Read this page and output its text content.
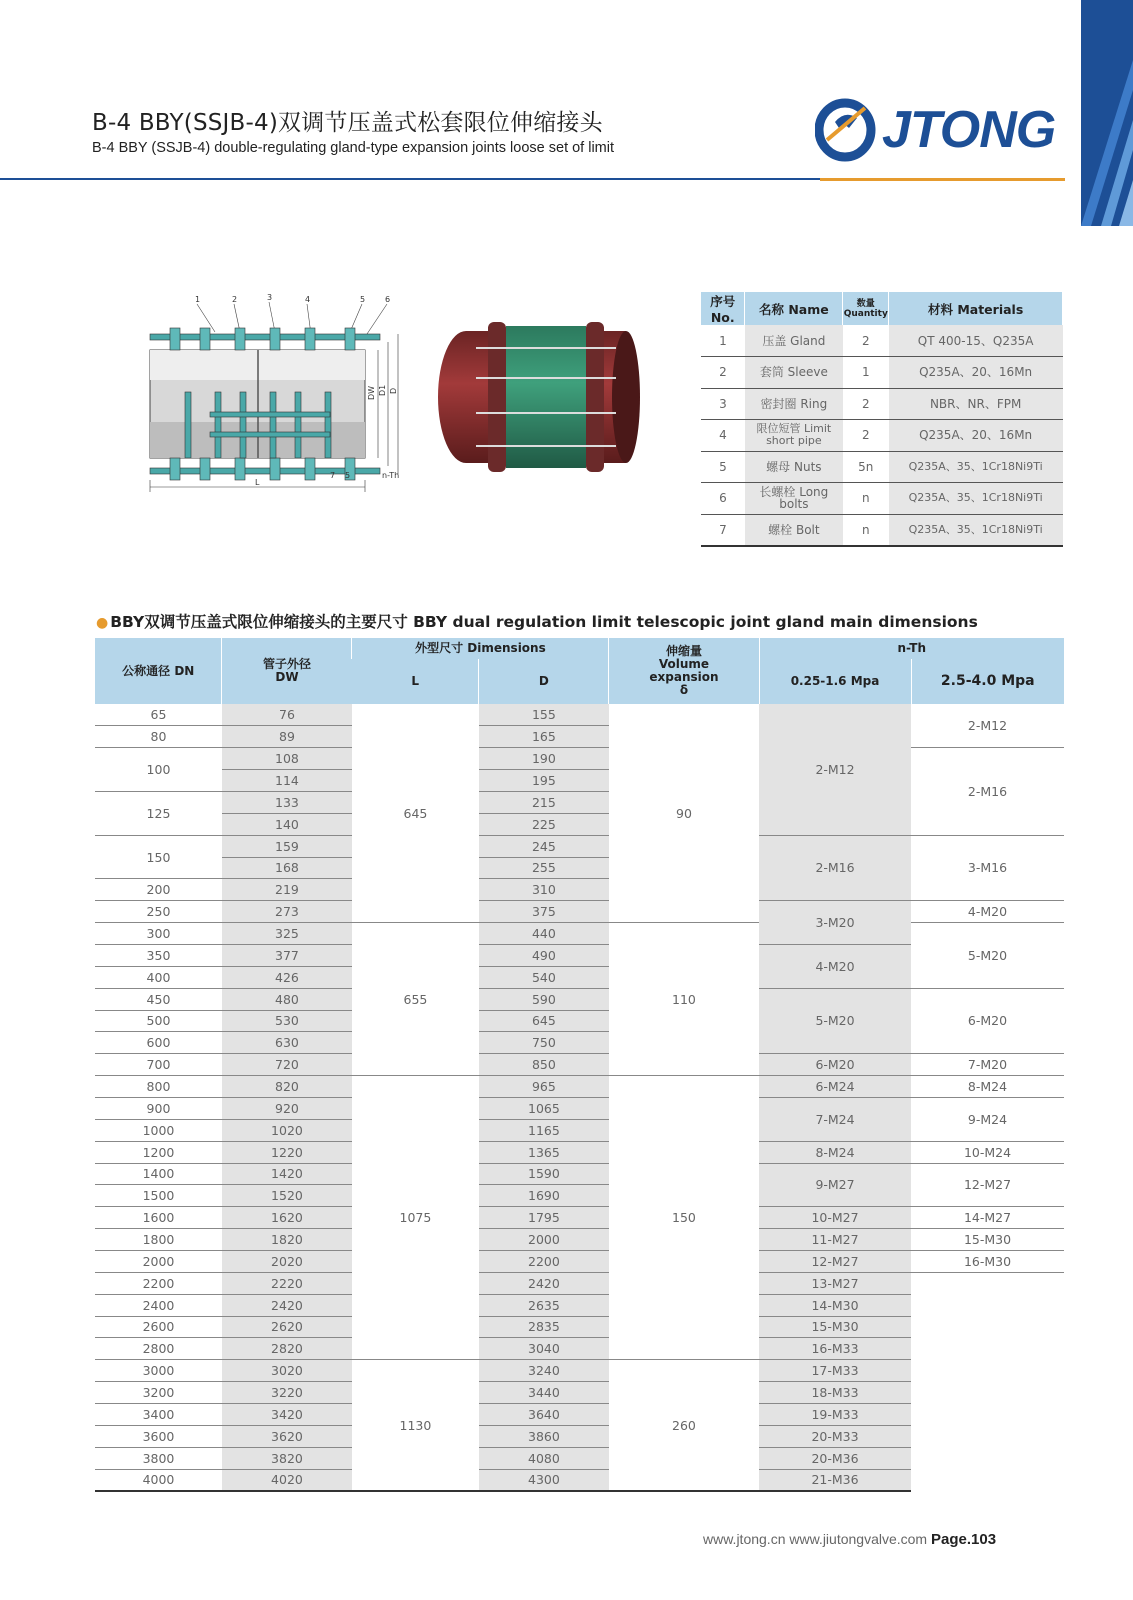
B-4 BBY(SSJB-4)双调节压盖式松套限位伸缩接头
B-4 BBY (SSJB-4) double-regulating gland-type expansion joints loose set of limit	JTONG
1	2	3	4	5 6
DW D1 D
L
7 5	n-Th
序号No.	名称 Name	数量 Quantity	材料 Materials
1	压盖 Gland	2	QT 400-15、Q235A
2	套筒 Sleeve	1	Q235A、20、16Mn
3	密封圈 Ring	2	NBR、NR、FPM
4	限位短管 Limit short pipe	2	Q235A、20、16Mn
5	螺母 Nuts	5n	Q235A、35、1Cr18Ni9Ti
6	长螺栓 Long bolts	n	Q235A、35、1Cr18Ni9Ti
7	螺栓 Bolt	n	Q235A、35、1Cr18Ni9Ti
● BBY双调节压盖式限位伸缩接头的主要尺寸 BBY dual regulation limit telescopic joint gland main dimensions
公称通径 DN	管子外径 DW	外型尺寸 Dimensions		伸缩量 Volume expansion δ	n-Th	
		L	D		0.25-1.6 Mpa	2.5-4.0 Mpa
65	76	645	155	90	2-M12	2-M12
80	89		165			
100	108		190			2-M16
	114		195			
125	133		215			
	140		225			
150	159		245		2-M16	3-M16
	168		255			
200	219		310			
250	273		375		3-M20	4-M20
300	325	655	440	110		5-M20
350	377		490		4-M20	
400	426		540			
450	480		590		5-M20	6-M20
500	530		645			
600	630		750			
700	720		850		6-M20	7-M20
800	820	1075	965	150	6-M24	8-M24
900	920		1065		7-M24	9-M24
1000	1020		1165			
1200	1220		1365		8-M24	10-M24
1400	1420		1590		9-M27	12-M27
1500	1520		1690			
1600	1620		1795		10-M27	14-M27
1800	1820		2000		11-M27	15-M30
2000	2020		2200		12-M27	16-M30
2200	2220		2420		13-M27	
2400	2420		2635		14-M30	
2600	2620		2835		15-M30	
2800	2820		3040		16-M33	
3000	3020	1130	3240	260	17-M33	
3200	3220		3440		18-M33	
3400	3420		3640		19-M33	
3600	3620		3860		20-M33	
3800	3820		4080		20-M36	
4000	4020		4300		21-M36	
www.jtong.cn www.jiutongvalve.com Page.103
